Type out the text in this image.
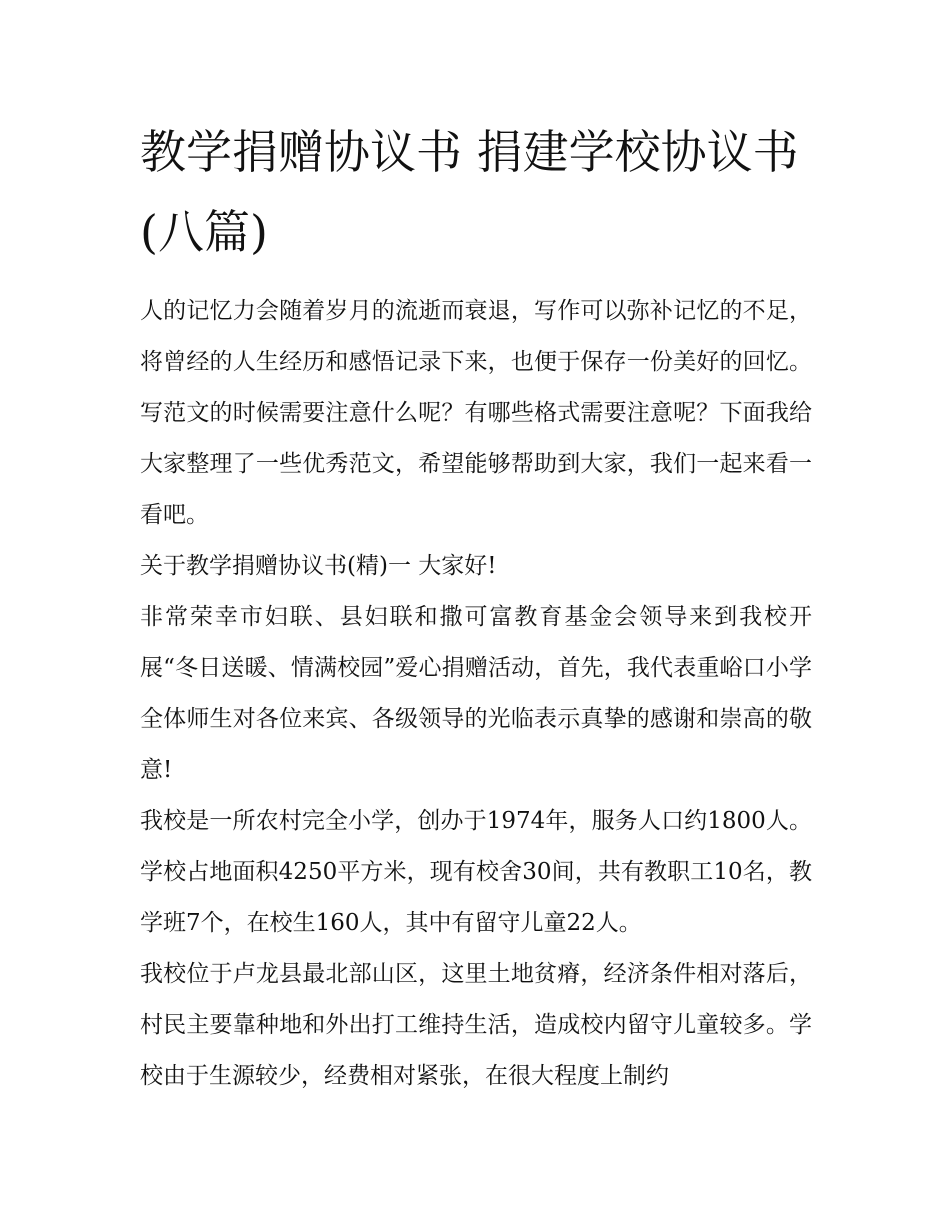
教学捐赠协议书 捐建学校协议书(八篇)

人的记忆力会随着岁月的流逝而衰退，写作可以弥补记忆的不足，将曾经的人生经历和感悟记录下来，也便于保存一份美好的回忆。写范文的时候需要注意什么呢？有哪些格式需要注意呢？下面我给大家整理了一些优秀范文，希望能够帮助到大家，我们一起来看一看吧。

关于教学捐赠协议书(精)一 大家好!

非常荣幸市妇联、县妇联和撒可富教育基金会领导来到我校开展“冬日送暖、情满校园”爱心捐赠活动，首先，我代表重峪口小学全体师生对各位来宾、各级领导的光临表示真挚的感谢和崇高的敬意!

我校是一所农村完全小学，创办于1974年，服务人口约1800人。学校占地面积4250平方米，现有校舍30间，共有教职工10名，教学班7个，在校生160人，其中有留守儿童22人。

我校位于卢龙县最北部山区，这里土地贫瘠，经济条件相对落后，村民主要靠种地和外出打工维持生活，造成校内留守儿童较多。学校由于生源较少，经费相对紧张，在很大程度上制约
